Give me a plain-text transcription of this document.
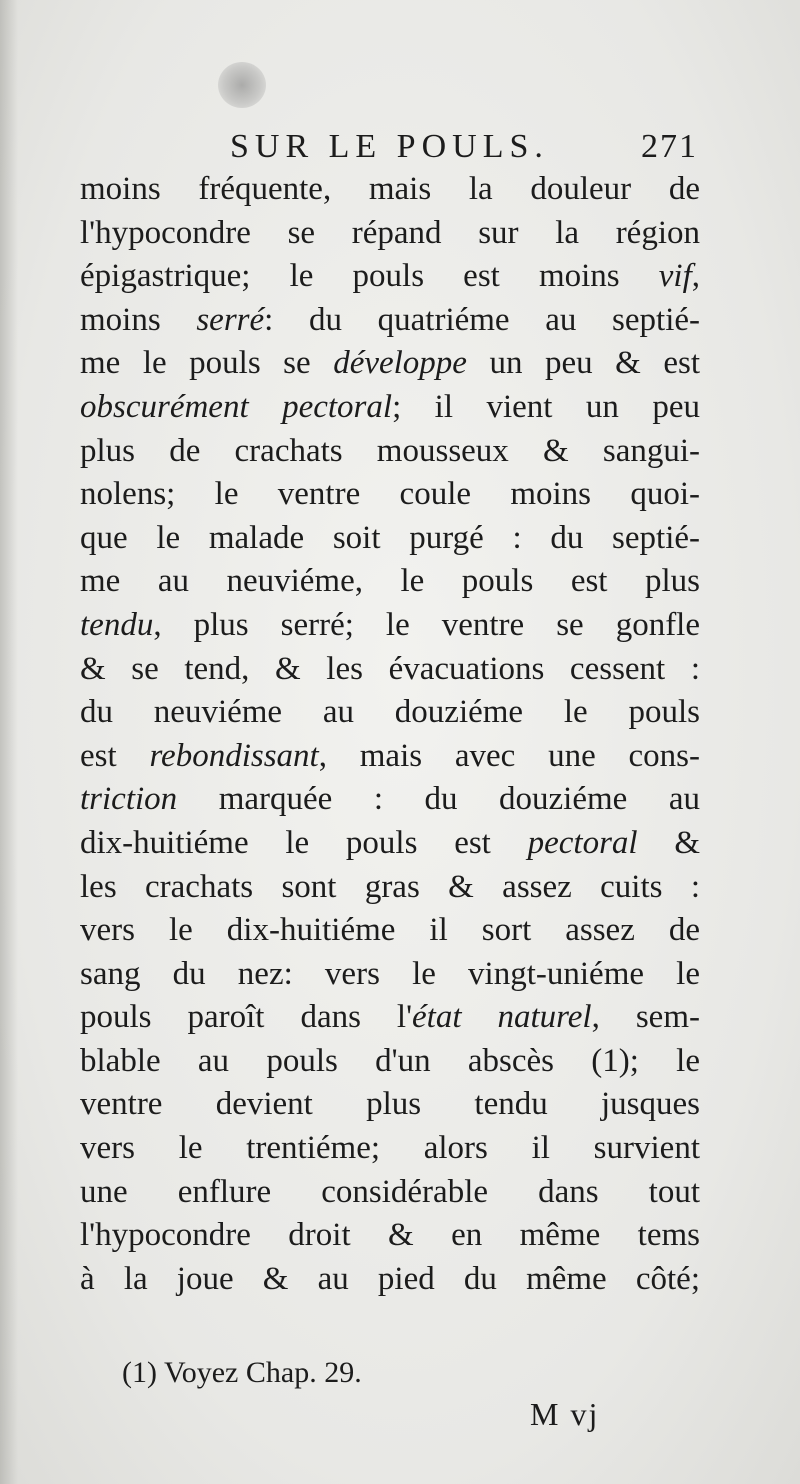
SUR LE POULS.	271
moins fréquente, mais la douleur de
l'hypocondre se répand sur la région
épigastrique; le pouls est moins vif,
moins serré: du quatriéme au septié-
me le pouls se développe un peu & est
obscurément pectoral; il vient un peu
plus de crachats mousseux & sangui-
nolens; le ventre coule moins quoi-
que le malade soit purgé : du septié-
me au neuviéme, le pouls est plus
tendu, plus serré; le ventre se gonfle
& se tend, & les évacuations cessent :
du neuviéme au douziéme le pouls
est rebondissant, mais avec une cons-
triction marquée : du douziéme au
dix-huitiéme le pouls est pectoral &
les crachats sont gras & assez cuits :
vers le dix-huitiéme il sort assez de
sang du nez: vers le vingt-uniéme le
pouls paroît dans l'état naturel, sem-
blable au pouls d'un abscès (1); le
ventre devient plus tendu jusques
vers le trentiéme; alors il survient
une enflure considérable dans tout
l'hypocondre droit & en même tems
à la joue & au pied du même côté;
(1) Voyez Chap. 29.
M vj
